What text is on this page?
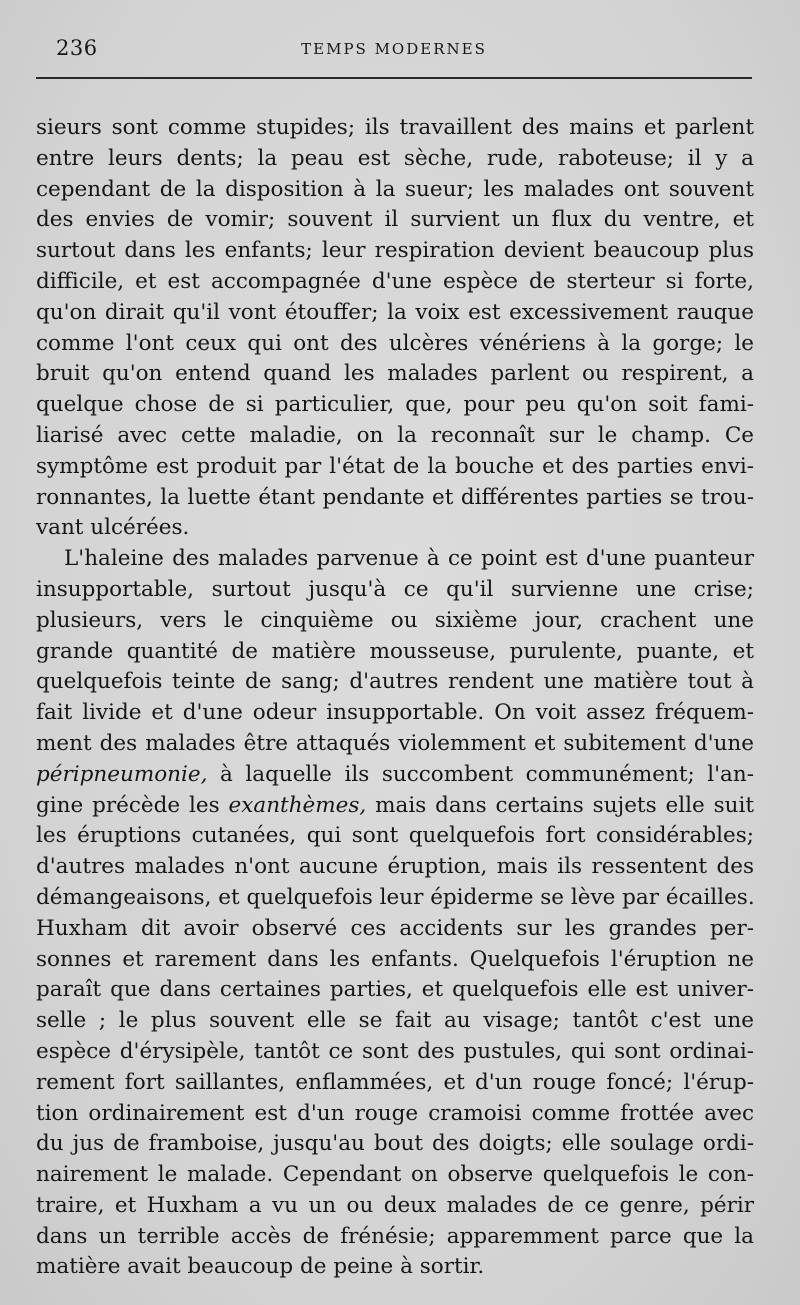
236	TEMPS MODERNES
sieurs sont comme stupides; ils travaillent des mains et parlent
entre leurs dents; la peau est sèche, rude, raboteuse; il y a
cependant de la disposition à la sueur; les malades ont souvent
des envies de vomir; souvent il survient un flux du ventre, et
surtout dans les enfants; leur respiration devient beaucoup plus
difficile, et est accompagnée d'une espèce de sterteur si forte,
qu'on dirait qu'il vont étouffer; la voix est excessivement rauque
comme l'ont ceux qui ont des ulcères vénériens à la gorge; le
bruit qu'on entend quand les malades parlent ou respirent, a
quelque chose de si particulier, que, pour peu qu'on soit fami-
liarisé avec cette maladie, on la reconnaît sur le champ. Ce
symptôme est produit par l'état de la bouche et des parties envi-
ronnantes, la luette étant pendante et différentes parties se trou-
vant ulcérées.
L'haleine des malades parvenue à ce point est d'une puanteur
insupportable, surtout jusqu'à ce qu'il survienne une crise;
plusieurs, vers le cinquième ou sixième jour, crachent une
grande quantité de matière mousseuse, purulente, puante, et
quelquefois teinte de sang; d'autres rendent une matière tout à
fait livide et d'une odeur insupportable. On voit assez fréquem-
ment des malades être attaqués violemment et subitement d'une
péripneumonie, à laquelle ils succombent communément; l'an-
gine précède les exanthèmes, mais dans certains sujets elle suit
les éruptions cutanées, qui sont quelquefois fort considérables;
d'autres malades n'ont aucune éruption, mais ils ressentent des
démangeaisons, et quelquefois leur épiderme se lève par écailles.
Huxham dit avoir observé ces accidents sur les grandes per-
sonnes et rarement dans les enfants. Quelquefois l'éruption ne
paraît que dans certaines parties, et quelquefois elle est univer-
selle ; le plus souvent elle se fait au visage; tantôt c'est une
espèce d'érysipèle, tantôt ce sont des pustules, qui sont ordinai-
rement fort saillantes, enflammées, et d'un rouge foncé; l'érup-
tion ordinairement est d'un rouge cramoisi comme frottée avec
du jus de framboise, jusqu'au bout des doigts; elle soulage ordi-
nairement le malade. Cependant on observe quelquefois le con-
traire, et Huxham a vu un ou deux malades de ce genre, périr
dans un terrible accès de frénésie; apparemment parce que la
matière avait beaucoup de peine à sortir.
